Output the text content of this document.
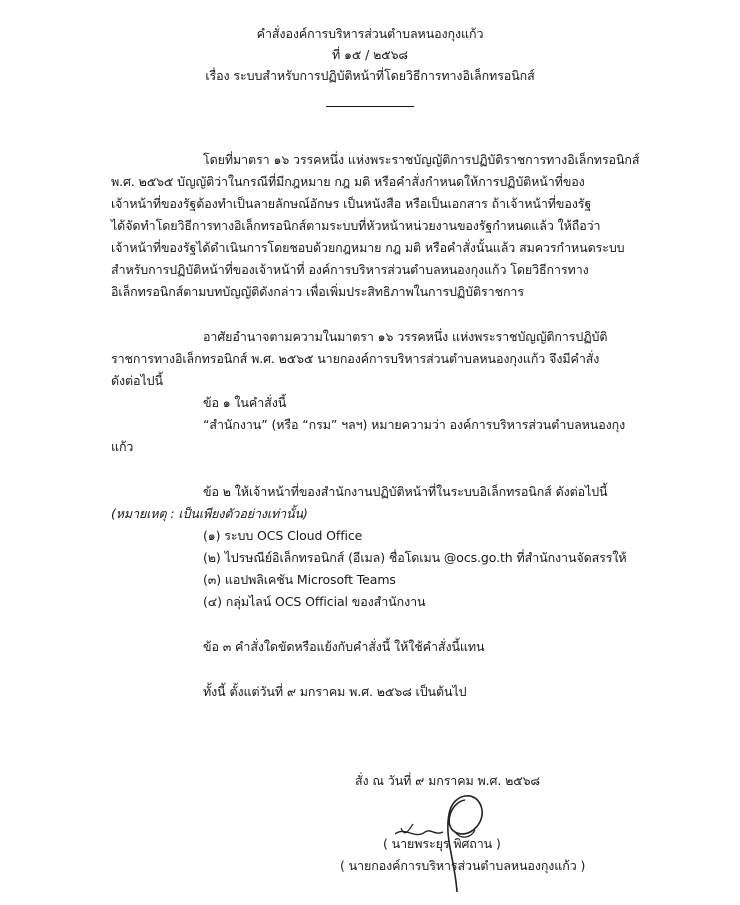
คำสั่งองค์การบริหารส่วนตำบลหนองกุงแก้ว
ที่ ๑๕ / ๒๕๖๘
เรื่อง ระบบสำหรับการปฏิบัติหน้าที่โดยวิธีการทางอิเล็กทรอนิกส์
โดยที่มาตรา ๑๖ วรรคหนึ่ง แห่งพระราชบัญญัติการปฏิบัติราชการทางอิเล็กทรอนิกส์
พ.ศ. ๒๕๖๕ บัญญัติว่าในกรณีที่มีกฎหมาย กฎ มติ หรือคำสั่งกำหนดให้การปฏิบัติหน้าที่ของ
เจ้าหน้าที่ของรัฐต้องทำเป็นลายลักษณ์อักษร เป็นหนังสือ หรือเป็นเอกสาร ถ้าเจ้าหน้าที่ของรัฐ
ได้จัดทำโดยวิธีการทางอิเล็กทรอนิกส์ตามระบบที่หัวหน้าหน่วยงานของรัฐกำหนดแล้ว ให้ถือว่า
เจ้าหน้าที่ของรัฐได้ดำเนินการโดยชอบด้วยกฎหมาย กฎ มติ หรือคำสั่งนั้นแล้ว สมควรกำหนดระบบ
สำหรับการปฏิบัติหน้าที่ของเจ้าหน้าที่ องค์การบริหารส่วนตำบลหนองกุงแก้ว โดยวิธีการทาง
อิเล็กทรอนิกส์ตามบทบัญญัติดังกล่าว เพื่อเพิ่มประสิทธิภาพในการปฏิบัติราชการ
อาศัยอำนาจตามความในมาตรา ๑๖ วรรคหนึ่ง แห่งพระราชบัญญัติการปฏิบัติ
ราชการทางอิเล็กทรอนิกส์ พ.ศ. ๒๕๖๕ นายกองค์การบริหารส่วนตำบลหนองกุงแก้ว จึงมีคำสั่ง
ดังต่อไปนี้
ข้อ ๑ ในคำสั่งนี้
“สำนักงาน” (หรือ “กรม” ฯลฯ) หมายความว่า องค์การบริหารส่วนตำบลหนองกุง
แก้ว
ข้อ ๒ ให้เจ้าหน้าที่ของสำนักงานปฏิบัติหน้าที่ในระบบอิเล็กทรอนิกส์ ดังต่อไปนี้
(หมายเหตุ : เป็นเพียงตัวอย่างเท่านั้น)
(๑) ระบบ OCS Cloud Office
(๒) ไปรษณีย์อิเล็กทรอนิกส์ (อีเมล) ชื่อโดเมน @ocs.go.th ที่สำนักงานจัดสรรให้
(๓) แอปพลิเคชัน Microsoft Teams
(๔) กลุ่มไลน์ OCS Official ของสำนักงาน
ข้อ ๓ คำสั่งใดขัดหรือแย้งกับคำสั่งนี้ ให้ใช้คำสั่งนี้แทน
ทั้งนี้ ตั้งแต่วันที่ ๙ มกราคม พ.ศ. ๒๕๖๘ เป็นต้นไป
สั่ง ณ วันที่ ๙ มกราคม พ.ศ. ๒๕๖๘
( นายพระยุร พิศถาน )
( นายกองค์การบริหารส่วนตำบลหนองกุงแก้ว )
